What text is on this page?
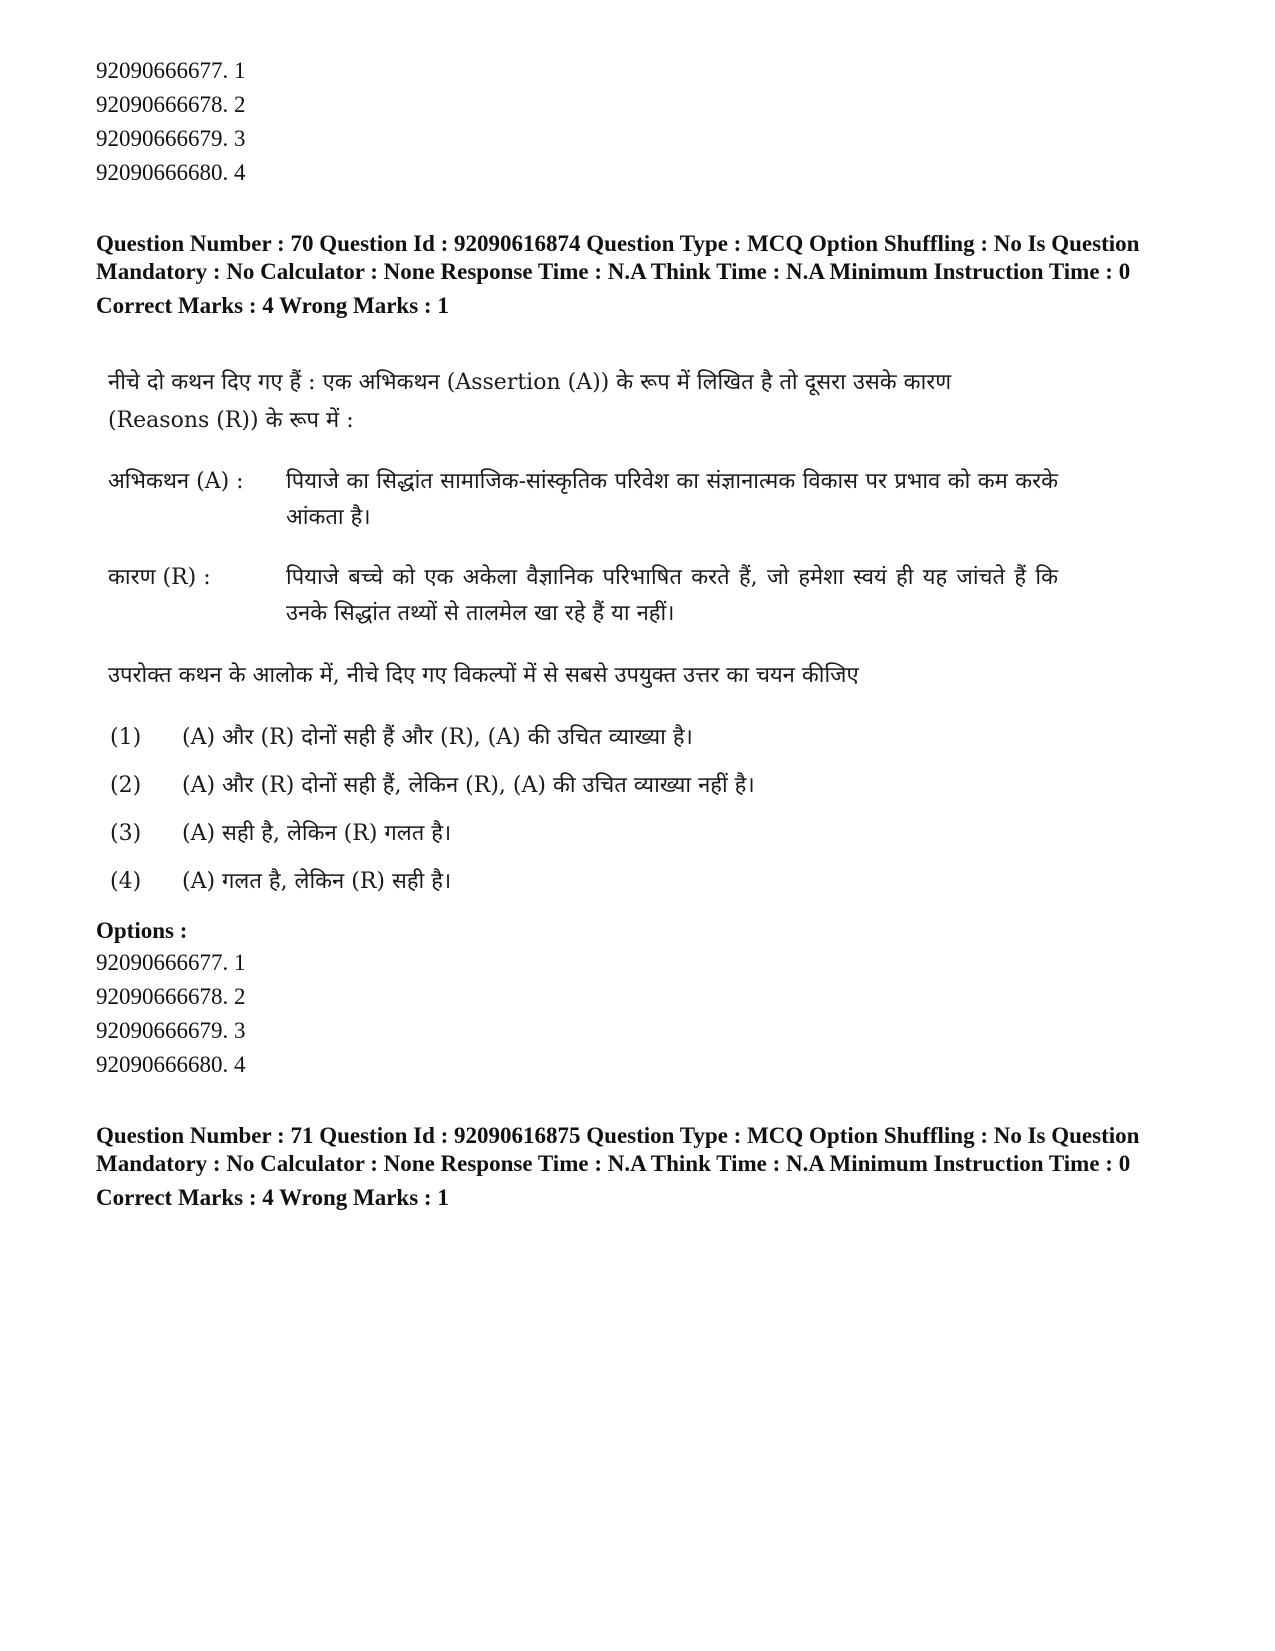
92090666677. 1
92090666678. 2
92090666679. 3
92090666680. 4
Question Number : 70 Question Id : 92090616874 Question Type : MCQ Option Shuffling : No Is Question Mandatory : No Calculator : None Response Time : N.A Think Time : N.A Minimum Instruction Time : 0
Correct Marks : 4 Wrong Marks : 1
नीचे दो कथन दिए गए हैं : एक अभिकथन (Assertion (A)) के रूप में लिखित है तो दूसरा उसके कारण (Reasons (R)) के रूप में :
अभिकथन (A) :	पियाजे का सिद्धांत सामाजिक-सांस्कृतिक परिवेश का संज्ञानात्मक विकास पर प्रभाव को कम करके आंकता है।
कारण (R) :	पियाजे बच्चे को एक अकेला वैज्ञानिक परिभाषित करते हैं, जो हमेशा स्वयं ही यह जांचते हैं कि उनके सिद्धांत तथ्यों से तालमेल खा रहे हैं या नहीं।
उपरोक्त कथन के आलोक में, नीचे दिए गए विकल्पों में से सबसे उपयुक्त उत्तर का चयन कीजिए
(1)	(A) और (R) दोनों सही हैं और (R), (A) की उचित व्याख्या है।
(2)	(A) और (R) दोनों सही हैं, लेकिन (R), (A) की उचित व्याख्या नहीं है।
(3)	(A) सही है, लेकिन (R) गलत है।
(4)	(A) गलत है, लेकिन (R) सही है।
Options :
92090666677. 1
92090666678. 2
92090666679. 3
92090666680. 4
Question Number : 71 Question Id : 92090616875 Question Type : MCQ Option Shuffling : No Is Question Mandatory : No Calculator : None Response Time : N.A Think Time : N.A Minimum Instruction Time : 0
Correct Marks : 4 Wrong Marks : 1
